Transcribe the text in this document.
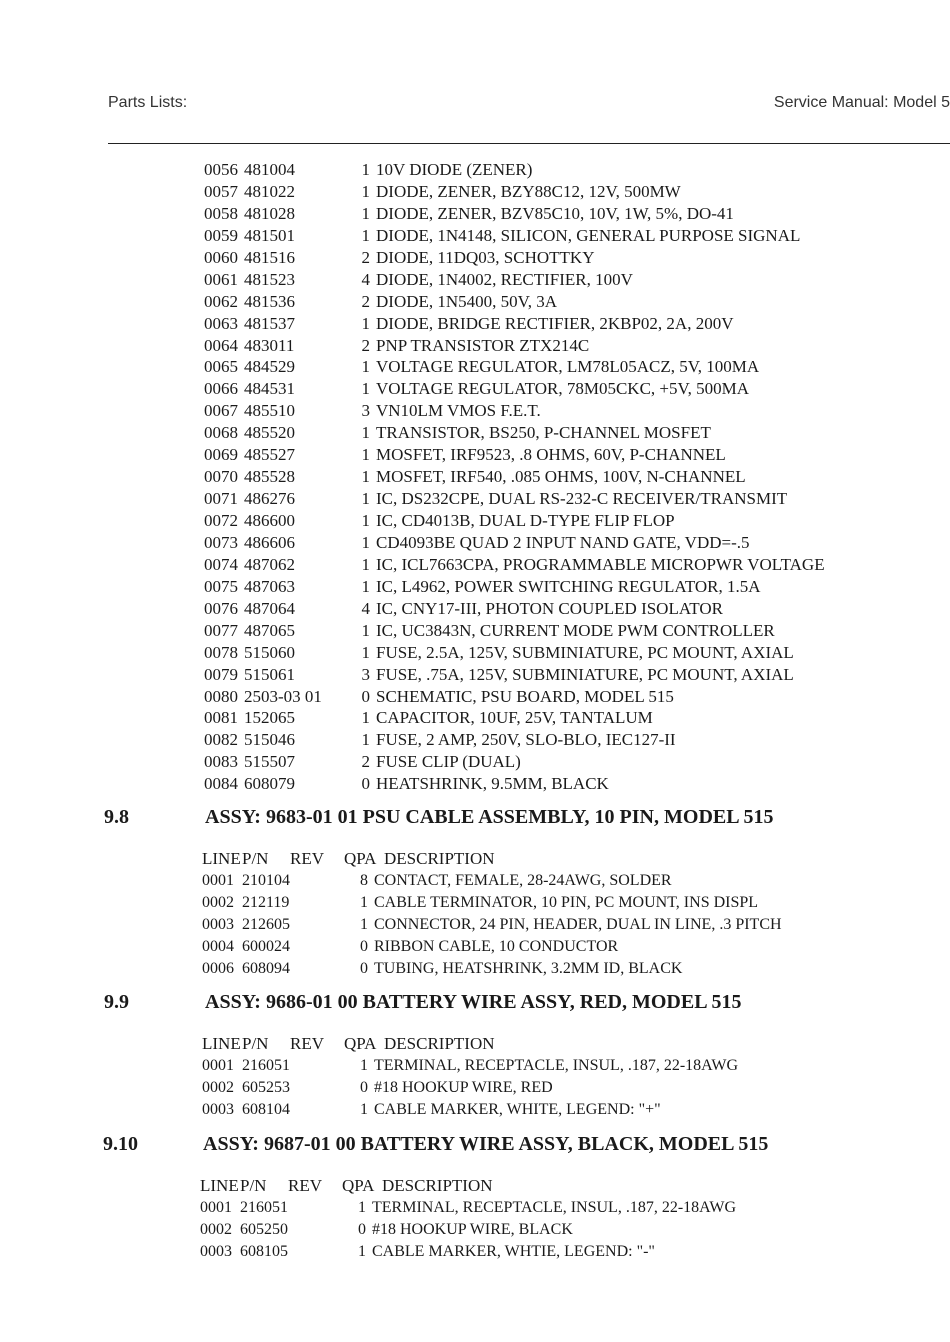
Parts Lists:	Service Manual: Model 5
0056 481004	1 10V DIODE (ZENER)
0057 481022	1 DIODE, ZENER, BZY88C12, 12V, 500MW
0058 481028	1 DIODE, ZENER, BZV85C10, 10V, 1W, 5%, DO-41
0059 481501	1 DIODE, 1N4148, SILICON, GENERAL PURPOSE SIGNAL
0060 481516	2 DIODE, 11DQ03, SCHOTTKY
0061 481523	4 DIODE, 1N4002, RECTIFIER, 100V
0062 481536	2 DIODE, 1N5400, 50V, 3A
0063 481537	1 DIODE, BRIDGE RECTIFIER, 2KBP02, 2A, 200V
0064 483011	2 PNP TRANSISTOR ZTX214C
0065 484529	1 VOLTAGE REGULATOR, LM78L05ACZ, 5V, 100MA
0066 484531	1 VOLTAGE REGULATOR, 78M05CKC, +5V, 500MA
0067 485510	3 VN10LM VMOS F.E.T.
0068 485520	1 TRANSISTOR, BS250, P-CHANNEL MOSFET
0069 485527	1 MOSFET, IRF9523, .8 OHMS, 60V, P-CHANNEL
0070 485528	1 MOSFET, IRF540, .085 OHMS, 100V, N-CHANNEL
0071 486276	1 IC, DS232CPE, DUAL RS-232-C RECEIVER/TRANSMIT
0072 486600	1 IC, CD4013B, DUAL D-TYPE FLIP FLOP
0073 486606	1 CD4093BE QUAD 2 INPUT NAND GATE, VDD=-.5
0074 487062	1 IC, ICL7663CPA, PROGRAMMABLE MICROPWR VOLTAGE
0075 487063	1 IC, L4962, POWER SWITCHING REGULATOR, 1.5A
0076 487064	4 IC, CNY17-III, PHOTON COUPLED ISOLATOR
0077 487065	1 IC, UC3843N, CURRENT MODE PWM CONTROLLER
0078 515060	1 FUSE, 2.5A, 125V, SUBMINIATURE, PC MOUNT, AXIAL
0079 515061	3 FUSE, .75A, 125V, SUBMINIATURE, PC MOUNT, AXIAL
0080 2503-03 01	0 SCHEMATIC, PSU BOARD, MODEL 515
0081 152065	1 CAPACITOR, 10UF, 25V, TANTALUM
0082 515046	1 FUSE, 2 AMP, 250V, SLO-BLO, IEC127-II
0083 515507	2 FUSE CLIP (DUAL)
0084 608079	0 HEATSHRINK, 9.5MM, BLACK
9.8	ASSY: 9683-01 01 PSU CABLE ASSEMBLY, 10 PIN, MODEL 515
LINE P/N	REV	QPA DESCRIPTION
0001 210104	8 CONTACT, FEMALE, 28-24AWG, SOLDER
0002 212119	1 CABLE TERMINATOR, 10 PIN, PC MOUNT, INS DISPL
0003 212605	1 CONNECTOR, 24 PIN, HEADER, DUAL IN LINE, .3 PITCH
0004 600024	0 RIBBON CABLE, 10 CONDUCTOR
0006 608094	0 TUBING, HEATSHRINK, 3.2MM ID, BLACK
9.9	ASSY: 9686-01 00 BATTERY WIRE ASSY, RED, MODEL 515
LINE P/N	REV	QPA DESCRIPTION
0001 216051	1 TERMINAL, RECEPTACLE, INSUL, .187, 22-18AWG
0002 605253	0 #18 HOOKUP WIRE, RED
0003 608104	1 CABLE MARKER, WHITE, LEGEND: "+"
9.10	ASSY: 9687-01 00 BATTERY WIRE ASSY, BLACK, MODEL 515
LINE P/N	REV	QPA DESCRIPTION
0001 216051	1 TERMINAL, RECEPTACLE, INSUL, .187, 22-18AWG
0002 605250	0 #18 HOOKUP WIRE, BLACK
0003 608105	1 CABLE MARKER, WHTIE, LEGEND: "-"
